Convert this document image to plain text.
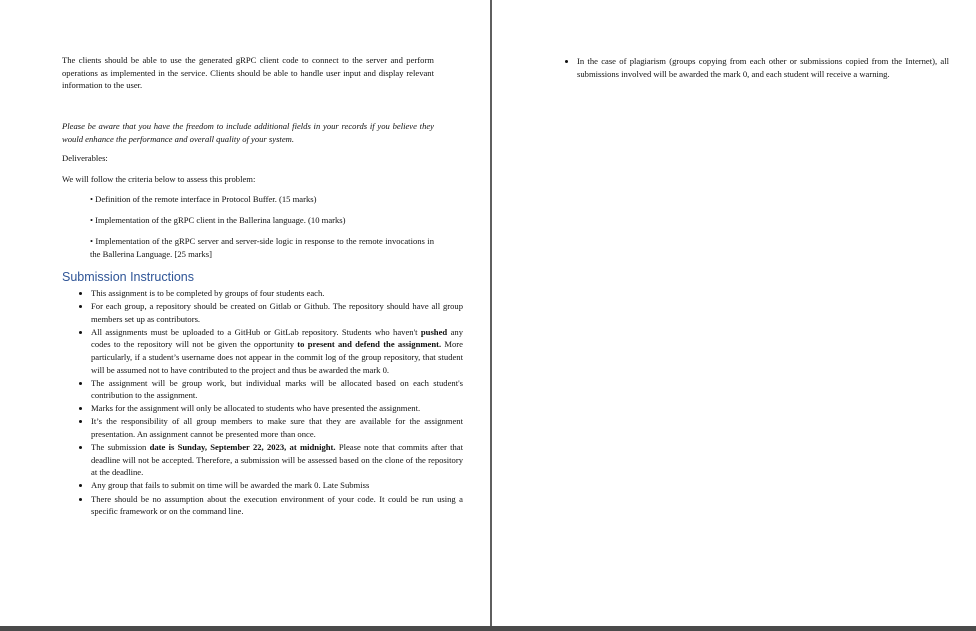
The clients should be able to use the generated gRPC client code to connect to the server and perform operations as implemented in the service. Clients should be able to handle user input and display relevant information to the user.
Please be aware that you have the freedom to include additional fields in your records if you believe they would enhance the performance and overall quality of your system.
Deliverables:
We will follow the criteria below to assess this problem:
• Definition of the remote interface in Protocol Buffer. (15 marks)
• Implementation of the gRPC client in the Ballerina language. (10 marks)
• Implementation of the gRPC server and server-side logic in response to the remote invocations in the Ballerina Language. [25 marks]
Submission Instructions
• This assignment is to be completed by groups of four students each.
• For each group, a repository should be created on Gitlab or Github. The repository should have all group members set up as contributors.
• All assignments must be uploaded to a GitHub or GitLab repository. Students who haven't pushed any codes to the repository will not be given the opportunity to present and defend the assignment. More particularly, if a student’s username does not appear in the commit log of the group repository, that student will be assumed not to have contributed to the project and thus be awarded the mark 0.
• The assignment will be group work, but individual marks will be allocated based on each student's contribution to the assignment.
• Marks for the assignment will only be allocated to students who have presented the assignment.
• It’s the responsibility of all group members to make sure that they are available for the assignment presentation. An assignment cannot be presented more than once.
• The submission date is Sunday, September 22, 2023, at midnight. Please note that commits after that deadline will not be accepted. Therefore, a submission will be assessed based on the clone of the repository at the deadline.
• Any group that fails to submit on time will be awarded the mark 0. Late Submiss
• There should be no assumption about the execution environment of your code. It could be run using a specific framework or on the command line.
• In the case of plagiarism (groups copying from each other or submissions copied from the Internet), all submissions involved will be awarded the mark 0, and each student will receive a warning.
